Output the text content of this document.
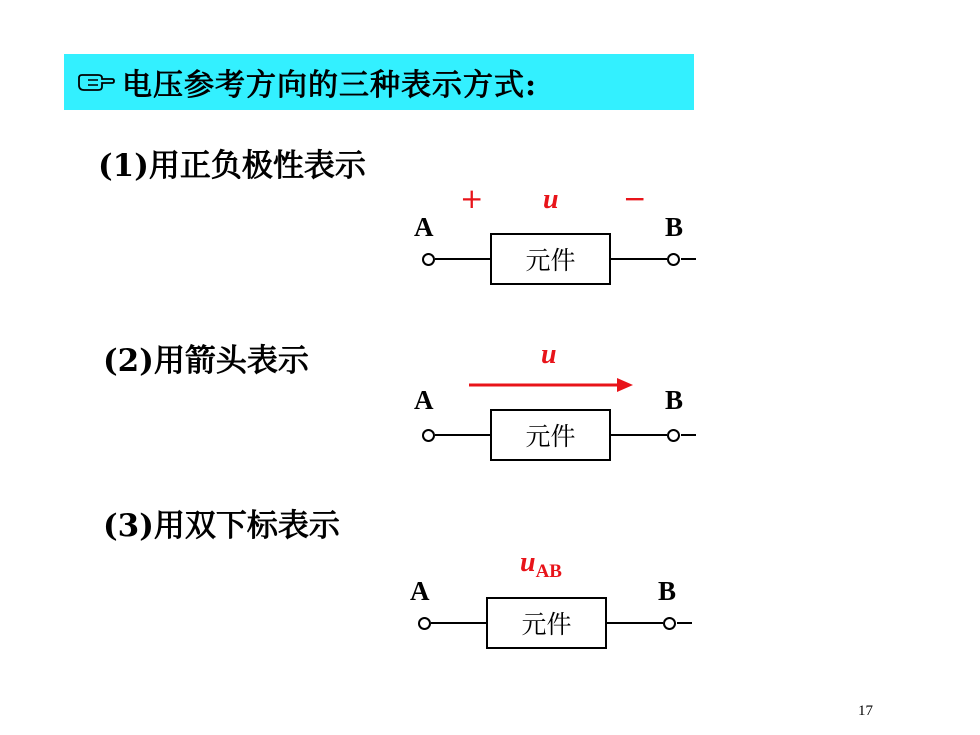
电压参考方向的三种表示方式:
(1)用正负极性表示
+ u −
A	B
元件
(2)用箭头表示	u
A	B
元件
(3)用双下标表示
$u_{AB}$
A	B
元件
17
